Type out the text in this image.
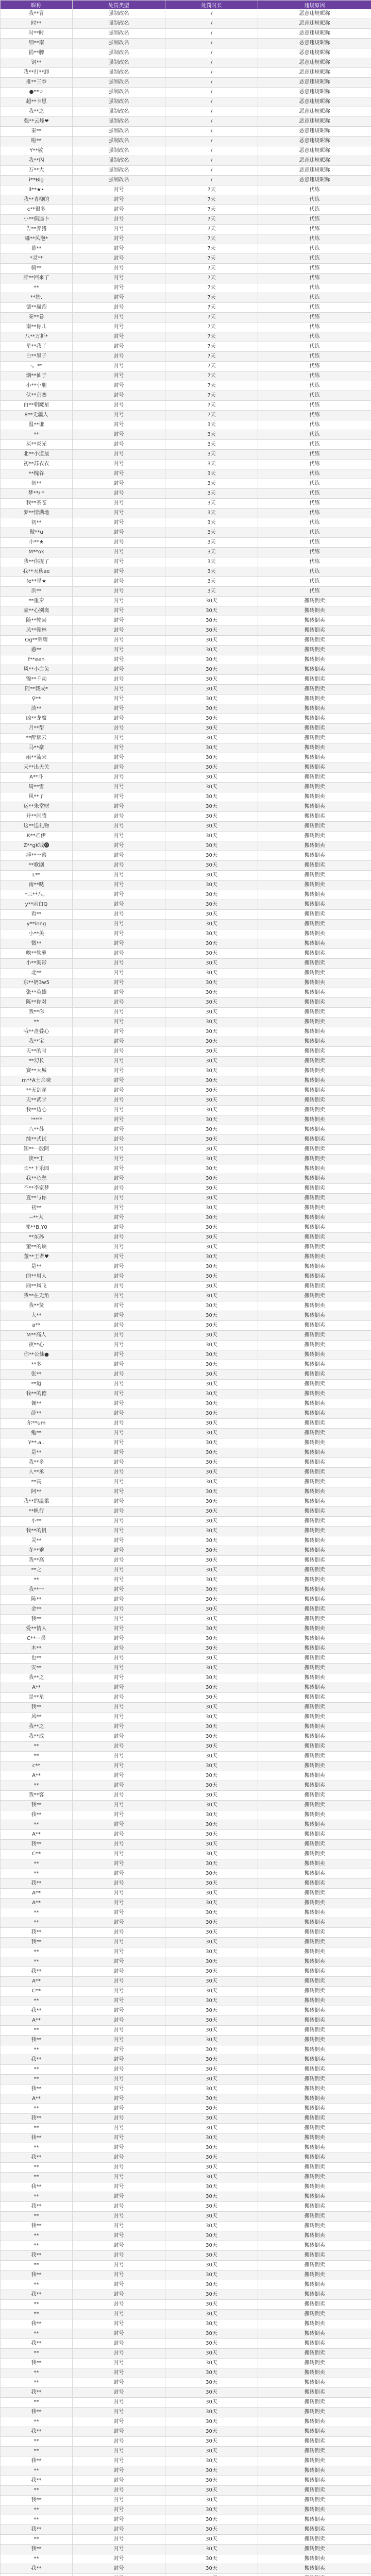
昵称	处罚类型	处罚时长	违规原因
我**冒	强制改名	/	恶意违规昵称
时**	强制改名	/	恶意违规昵称
时**时	强制改名	/	恶意违规昵称
细**南	强制改名	/	恶意违规昵称
捐**脾	强制改名	/	恶意违规昵称
钢**	强制改名	/	恶意违规昵称
我**打**卸	强制改名	/	恶意违规昵称
推**三拳	强制改名	/	恶意违规昵称
●**☆	强制改名	/	恶意违规昵称
超**卡恩	强制改名	/	恶意违规昵称
我**之	强制改名	/	恶意违规昵称
强**云烽❤	强制改名	/	恶意违规昵称
秦**	强制改名	/	恶意违规昵称
啦**	强制改名	/	恶意违规昵称
Y**敬	强制改名	/	恶意违规昵称
我**闪	强制改名	/	恶意违规昵称
万**大	强制改名	/	恶意违规昵称
i**Big	强制改名	/	恶意违规昵称
ll**★•	封号	7天	代练
我**青柳的	封号	7天	代练
c**很多	封号	7天	代练
小**偶遇卜	封号	7天	代练
告**养猪	封号	7天	代练
嘟**风泡*	封号	7天	代练
幕**	封号	7天	代练
*灵**	封号	7天	代练
骑**	封号	7天	代练
胖**回来了	封号	7天	代练
**	封号	7天	代练
**抬.	封号	7天	代练
德**赢跑	封号	7天	代练
秦**卷	封号	7天	代练
南**你儿	封号	7天	代练
八**万折*	封号	7天	代练
星**我了	封号	7天	代练
白**墨子	封号	7天	代练
-。**	封号	7天	代练
烟**仙子	封号	7天	代练
小**小朋	封号	7天	代练
伏**京赛	封号	7天	代练
白**朝魔星	封号	7天	代练
8**无疆人	封号	7天	代练
温**谦	封号	3天	代练
**	封号	3天	代练
买**炎光	封号	3天	代练
北**小道最	封号	3天	代练
初**苏衣衣	封号	3天	代练
**槐谷	封号	3天	代练
初**	封号	3天	代练
梦**/·*	封号	3天	代练
我**茶苍	封号	3天	代练
梦**情满地	封号	3天	代练
初**	封号	3天	代练
傲**u	封号	3天	代练
小**★	封号	3天	代练
M**ok	封号	3天	代练
我**你捉了	封号	3天	代练
我**天秋ae	封号	3天	代练
fe**星★	封号	3天	代练
洪**	封号	3天	代练
**重奏	封号	30天	搬砖倒卖
豪**心别离	封号	30天	搬砖倒卖
随**轮回	封号	30天	搬砖倒卖
凤**翰林	封号	30天	搬砖倒卖
Og**荣耀	封号	30天	搬砖倒卖
憨**	封号	30天	搬砖倒卖
f**een	封号	30天	搬砖倒卖
风**小白兔	封号	30天	搬砖倒卖
锦**千劫	封号	30天	搬砖倒卖
阿**载成*	封号	30天	搬砖倒卖
♀**	封号	30天	搬砖倒卖
淡**	封号	30天	搬砖倒卖
凶**龙魔	封号	30天	搬砖倒卖
月**帮	封号	30天	搬砖倒卖
**醉烟云	封号	30天	搬砖倒卖
马**豪	封号	30天	搬砖倒卖
雨**流宋	封号	30天	搬砖倒卖
天**出天关	封号	30天	搬砖倒卖
A**斗	封号	30天	搬砖倒卖
周**雪	封号	30天	搬砖倒卖
风**了	封号	30天	搬砖倒卖
运**朱堂财	封号	30天	搬砖倒卖
开**闹腾	封号	30天	搬砖倒卖
这**送礼物	封号	30天	搬砖倒卖
K**乙伊	封号	30天	搬砖倒卖
Z**gK钱⓿	封号	30天	搬砖倒卖
浮**一蔡	封号	30天	搬砖倒卖
**歌剧	封号	30天	搬砖倒卖
L**	封号	30天	搬砖倒卖
南**哒	封号	30天	搬砖倒卖
*三**八。	封号	30天	搬砖倒卖
y**雨白Q	封号	30天	搬砖倒卖
看**	封号	30天	搬砖倒卖
y**inng	封号	30天	搬砖倒卖
小**美	封号	30天	搬砖倒卖
微**	封号	30天	搬砖倒卖
唉**软萝	封号	30天	搬砖倒卖
小**淘影	封号	30天	搬砖倒卖
北**	封号	30天	搬砖倒卖
东**奶3w5	封号	30天	搬砖倒卖
张**英雄	封号	30天	搬砖倒卖
陈**你对	封号	30天	搬砖倒卖
我**你	封号	30天	搬砖倒卖
**	封号	30天	搬砖倒卖
哦**盘叠心	封号	30天	搬砖倒卖
我**宝	封号	30天	搬砖倒卖
无**的时	封号	30天	搬砖倒卖
**幻长	封号	30天	搬砖倒卖
赛**大城	封号	30天	搬砖倒卖
m**A士余味	封号	30天	搬砖倒卖
**无剑穿	封号	30天	搬砖倒卖
无**武学	封号	30天	搬砖倒卖
我**边心	封号	30天	搬砖倒卖
ᵃ**ᶜᵃ	封号	30天	搬砖倒卖
八**苏	封号	30天	搬砖倒卖
纯**式试	封号	30天	搬砖倒卖
卸**一般阿	封号	30天	搬砖倒卖
淡**王	封号	30天	搬砖倒卖
长**下乐园	封号	30天	搬砖倒卖
我**心愁	封号	30天	搬砖倒卖
不**李家梦	封号	30天	搬砖倒卖
夏**与你	封号	30天	搬砖倒卖
初**	封号	30天	搬砖倒卖
--**大	封号	30天	搬砖倒卖
郭**B.Y0	封号	30天	搬砖倒卖
**东孙	封号	30天	搬砖倒卖
董**的峡	封号	30天	搬砖倒卖
董**王者♥	封号	30天	搬砖倒卖
是**	封号	30天	搬砖倒卖
的**男人	封号	30天	搬砖倒卖
丽**风飞	封号	30天	搬砖倒卖
我**在无角	封号	30天	搬砖倒卖
我**贤	封号	30天	搬砖倒卖
大**	封号	30天	搬砖倒卖
a**	封号	30天	搬砖倒卖
M**高人	封号	30天	搬砖倒卖
夜**心	封号	30天	搬砖倒卖
你**公仙●	封号	30天	搬砖倒卖
**多	封号	30天	搬砖倒卖
张**	封号	30天	搬砖倒卖
**道	封号	30天	搬砖倒卖
我**的德	封号	30天	搬砖倒卖
佩**	封号	30天	搬砖倒卖
薛**	封号	30天	搬砖倒卖
尔**um	封号	30天	搬砖倒卖
勉**	封号	30天	搬砖倒卖
Y**.a..	封号	30天	搬砖倒卖
是**	封号	30天	搬砖倒卖
我**多	封号	30天	搬砖倒卖
人**丞	封号	30天	搬砖倒卖
**高	封号	30天	搬砖倒卖
阿**	封号	30天	搬砖倒卖
我**的温柔	封号	30天	搬砖倒卖
**帆行	封号	30天	搬砖倒卖
小**	封号	30天	搬砖倒卖
我**的帆	封号	30天	搬砖倒卖
灵**	封号	30天	搬砖倒卖
冬**乖	封号	30天	搬砖倒卖
我**高	封号	30天	搬砖倒卖
**之	封号	30天	搬砖倒卖
**	封号	30天	搬砖倒卖
我**一	封号	30天	搬砖倒卖
陈**	封号	30天	搬砖倒卖
金**	封号	30天	搬砖倒卖
我**	封号	30天	搬砖倒卖
爱**情人	封号	30天	搬砖倒卖
C**ー员	封号	30天	搬砖倒卖
木**	封号	30天	搬砖倒卖
也**	封号	30天	搬砖倒卖
安**	封号	30天	搬砖倒卖
我**之	封号	30天	搬砖倒卖
A**	封号	30天	搬砖倒卖
是**星	封号	30天	搬砖倒卖
我**	封号	30天	搬砖倒卖
风**	封号	30天	搬砖倒卖
我**之	封号	30天	搬砖倒卖
我**成	封号	30天	搬砖倒卖
**	封号	30天	搬砖倒卖
**	封号	30天	搬砖倒卖
c**	封号	30天	搬砖倒卖
A**	封号	30天	搬砖倒卖
**	封号	30天	搬砖倒卖
我**客	封号	30天	搬砖倒卖
我**	封号	30天	搬砖倒卖
我**	封号	30天	搬砖倒卖
**	封号	30天	搬砖倒卖
A**	封号	30天	搬砖倒卖
我**	封号	30天	搬砖倒卖
C**	封号	30天	搬砖倒卖
**	封号	30天	搬砖倒卖
**	封号	30天	搬砖倒卖
我**	封号	30天	搬砖倒卖
A**	封号	30天	搬砖倒卖
A**	封号	30天	搬砖倒卖
**	封号	30天	搬砖倒卖
**	封号	30天	搬砖倒卖
我**	封号	30天	搬砖倒卖
我**	封号	30天	搬砖倒卖
**	封号	30天	搬砖倒卖
**	封号	30天	搬砖倒卖
我**	封号	30天	搬砖倒卖
A**	封号	30天	搬砖倒卖
C**	封号	30天	搬砖倒卖
**	封号	30天	搬砖倒卖
我**	封号	30天	搬砖倒卖
A**	封号	30天	搬砖倒卖
**	封号	30天	搬砖倒卖
我**	封号	30天	搬砖倒卖
**	封号	30天	搬砖倒卖
我**	封号	30天	搬砖倒卖
**	封号	30天	搬砖倒卖
**	封号	30天	搬砖倒卖
我**	封号	30天	搬砖倒卖
A**	封号	30天	搬砖倒卖
**	封号	30天	搬砖倒卖
我**	封号	30天	搬砖倒卖
**	封号	30天	搬砖倒卖
我**	封号	30天	搬砖倒卖
**	封号	30天	搬砖倒卖
我**	封号	30天	搬砖倒卖
**	封号	30天	搬砖倒卖
**	封号	30天	搬砖倒卖
我**	封号	30天	搬砖倒卖
**	封号	30天	搬砖倒卖
我**	封号	30天	搬砖倒卖
**	封号	30天	搬砖倒卖
我**	封号	30天	搬砖倒卖
**	封号	30天	搬砖倒卖
**	封号	30天	搬砖倒卖
我**	封号	30天	搬砖倒卖
**	封号	30天	搬砖倒卖
我**	封号	30天	搬砖倒卖
**	封号	30天	搬砖倒卖
我**	封号	30天	搬砖倒卖
**	封号	30天	搬砖倒卖
**	封号	30天	搬砖倒卖
我**	封号	30天	搬砖倒卖
**	封号	30天	搬砖倒卖
我**	封号	30天	搬砖倒卖
**	封号	30天	搬砖倒卖
我**	封号	30天	搬砖倒卖
**	封号	30天	搬砖倒卖
**	封号	30天	搬砖倒卖
我**	封号	30天	搬砖倒卖
**	封号	30天	搬砖倒卖
我**	封号	30天	搬砖倒卖
**	封号	30天	搬砖倒卖
我**	封号	30天	搬砖倒卖
**	封号	30天	搬砖倒卖
**	封号	30天	搬砖倒卖
我**	封号	30天	搬砖倒卖
**	封号	30天	搬砖倒卖
我**	封号	30天	搬砖倒卖
**	封号	30天	搬砖倒卖
我**	封号	30天	搬砖倒卖
**	封号	30天	搬砖倒卖
**	封号	30天	搬砖倒卖
我**	封号	30天	搬砖倒卖
**	封号	30天	搬砖倒卖
我**	封号	30天	搬砖倒卖
**	封号	30天	搬砖倒卖
我**	封号	30天	搬砖倒卖
